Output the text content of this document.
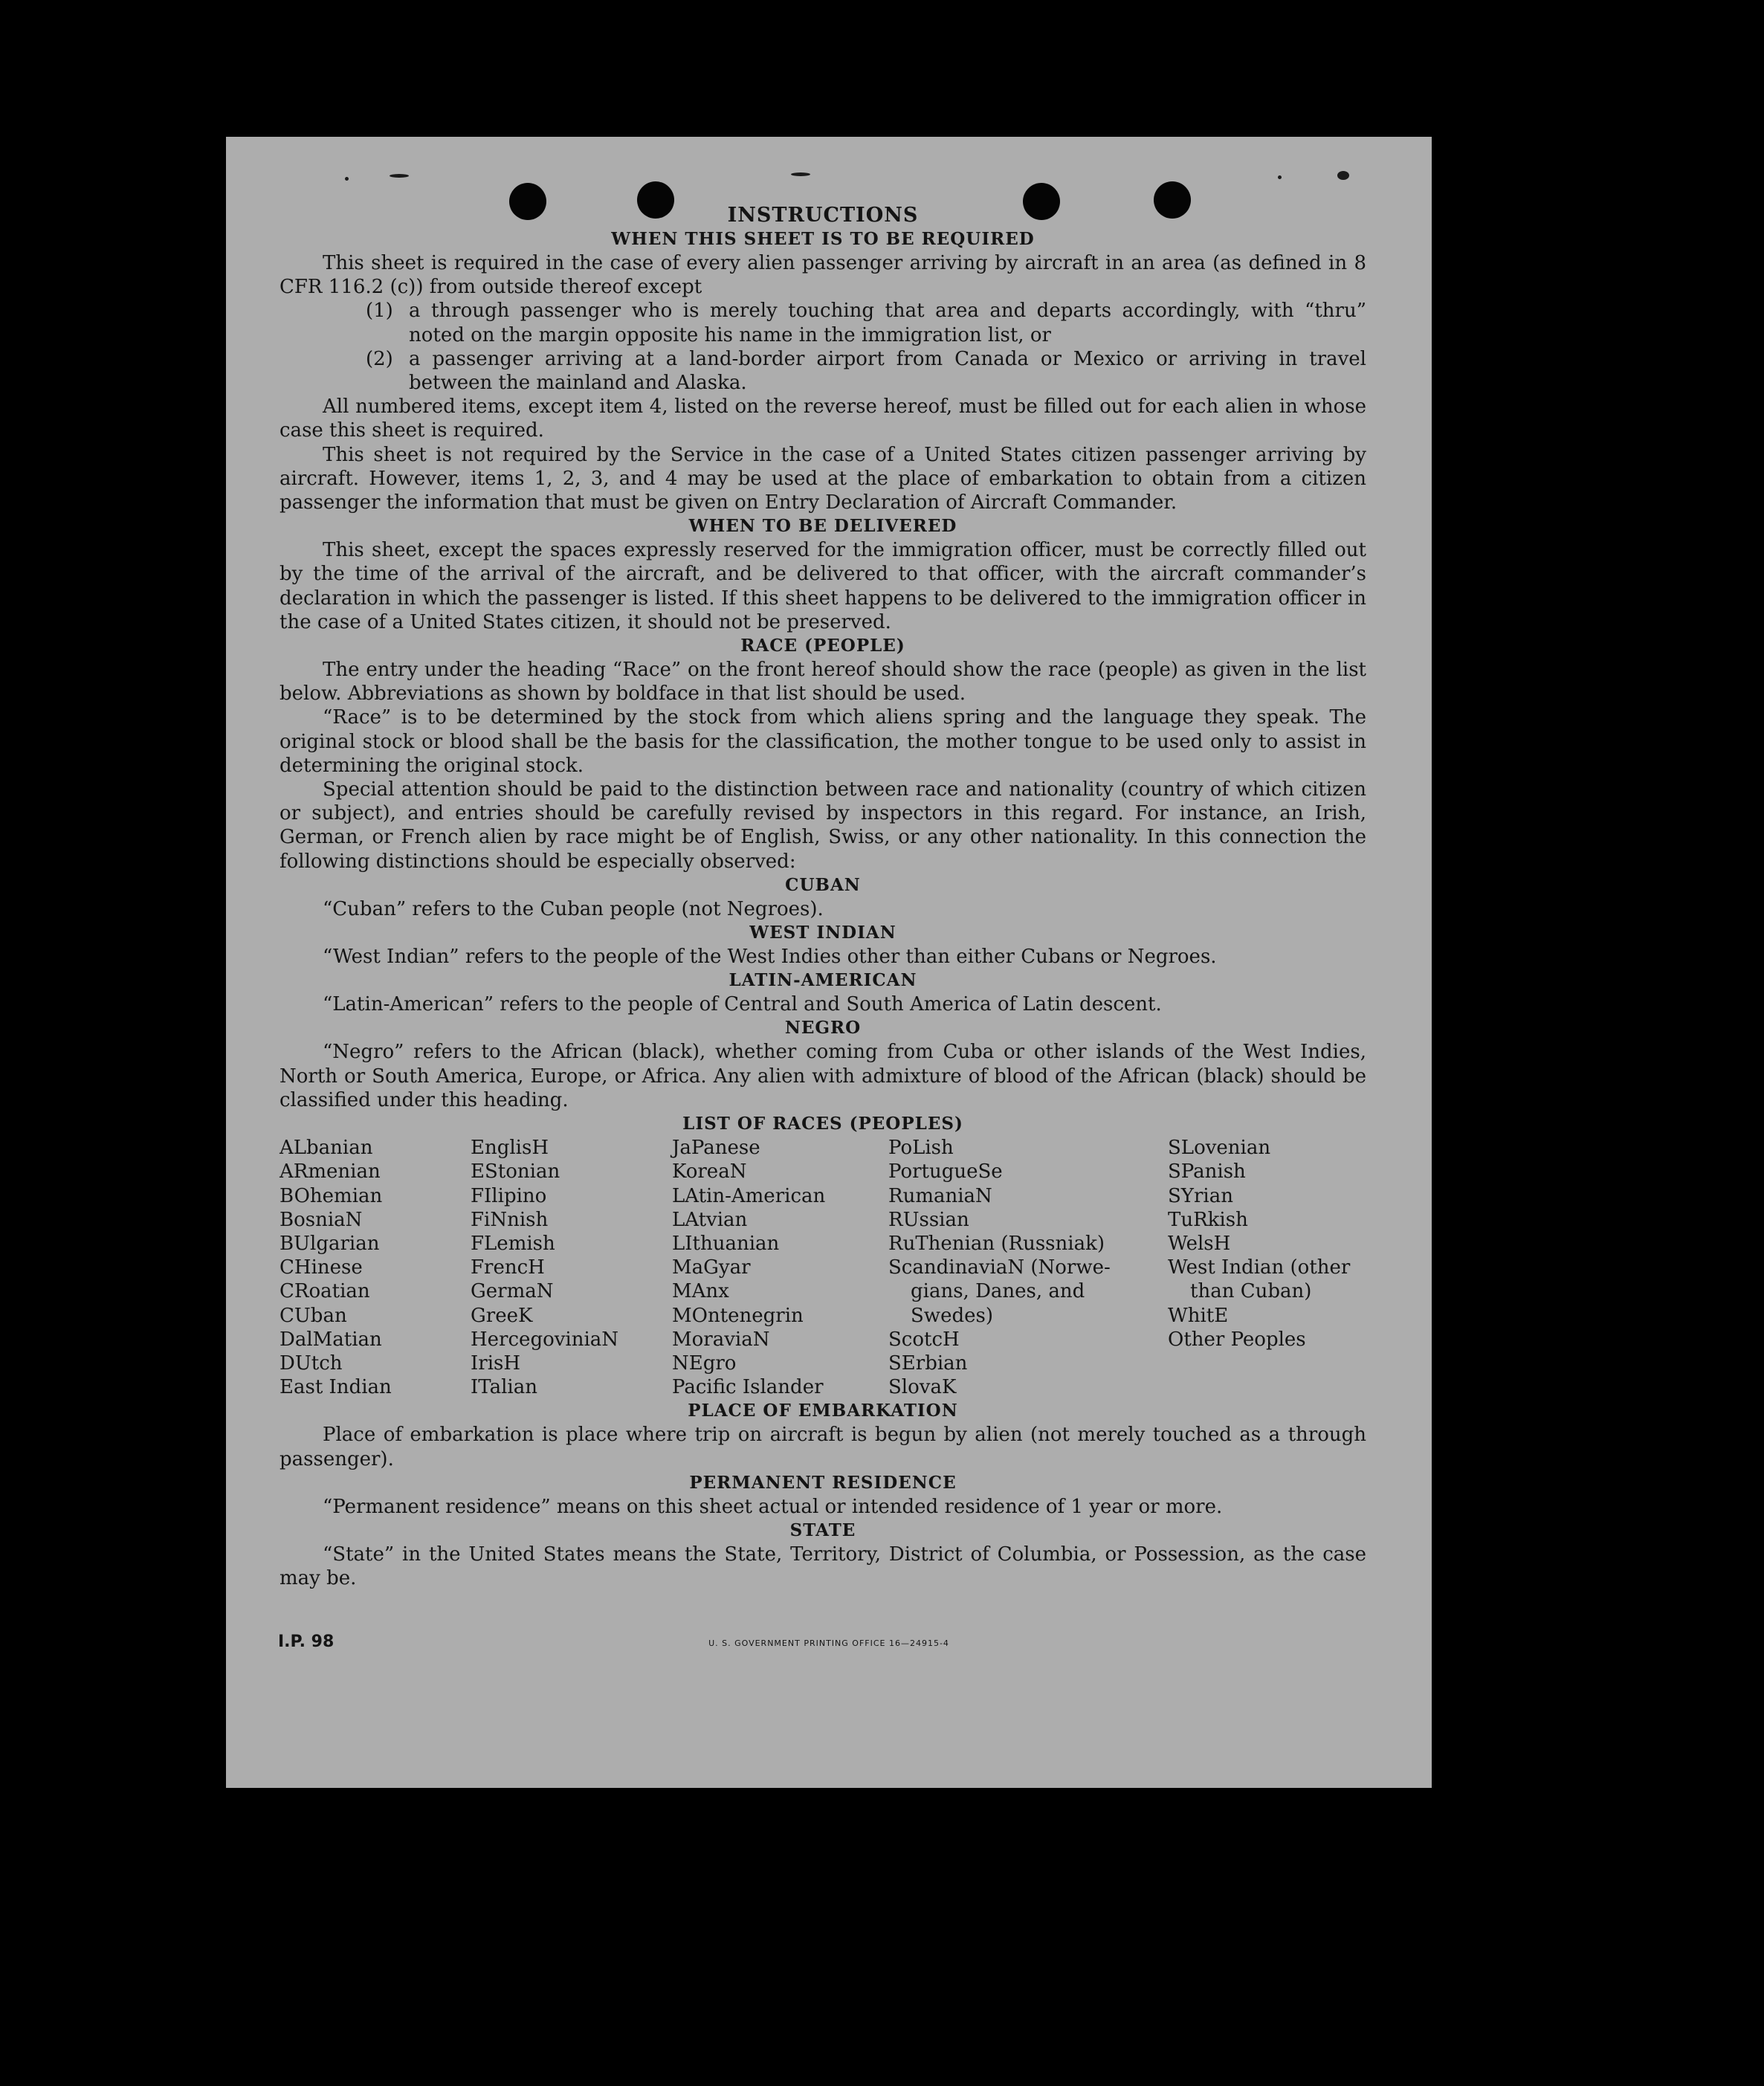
INSTRUCTIONS
WHEN THIS SHEET IS TO BE REQUIRED

This sheet is required in the case of every alien passenger arriving by aircraft in an area (as defined in 8 CFR 116.2 (c)) from outside thereof except

(1) a through passenger who is merely touching that area and departs accordingly, with “thru” noted on the margin opposite his name in the immigration list, or
(2) a passenger arriving at a land-border airport from Canada or Mexico or arriving in travel between the mainland and Alaska.

All numbered items, except item 4, listed on the reverse hereof, must be filled out for each alien in whose case this sheet is required.

This sheet is not required by the Service in the case of a United States citizen passenger arriving by aircraft. However, items 1, 2, 3, and 4 may be used at the place of embarkation to obtain from a citizen passenger the information that must be given on Entry Declaration of Aircraft Commander.

WHEN TO BE DELIVERED

This sheet, except the spaces expressly reserved for the immigration officer, must be correctly filled out by the time of the arrival of the aircraft, and be delivered to that officer, with the aircraft commander’s declaration in which the passenger is listed. If this sheet happens to be delivered to the immigration officer in the case of a United States citizen, it should not be preserved.

RACE (PEOPLE)

The entry under the heading “Race” on the front hereof should show the race (people) as given in the list below. Abbreviations as shown by boldface in that list should be used.

“Race” is to be determined by the stock from which aliens spring and the language they speak. The original stock or blood shall be the basis for the classification, the mother tongue to be used only to assist in determining the original stock.

Special attention should be paid to the distinction between race and nationality (country of which citizen or subject), and entries should be carefully revised by inspectors in this regard. For instance, an Irish, German, or French alien by race might be of English, Swiss, or any other nationality. In this connection the following distinctions should be especially observed:

CUBAN

“Cuban” refers to the Cuban people (not Negroes).

WEST INDIAN

“West Indian” refers to the people of the West Indies other than either Cubans or Negroes.

LATIN-AMERICAN

“Latin-American” refers to the people of Central and South America of Latin descent.

NEGRO

“Negro” refers to the African (black), whether coming from Cuba or other islands of the West Indies, North or South America, Europe, or Africa. Any alien with admixture of blood of the African (black) should be classified under this heading.

LIST OF RACES (PEOPLES)
ALbanian
ARmenian
BOhemian
BosniaN
BUlgarian
CHinese
CRoatian
CUban
DalMatian
DUtch
East Indian
EnglisH
EStonian
FIlipino
FiNnish
FLemish
FrencH
GermaN
GreeK
HercegoviniaN
IrisH
ITalian
JaPanese
KoreaN
LAtin-American
LAtvian
LIthuanian
MaGyar
MAnx
MOntenegrin
MoraviaN
NEgro
Pacific Islander
PoLish
PortugueSe
RumaniaN
RUssian
RuThenian (Russniak)
ScandinaviaN (Norwe-
gians, Danes, and
Swedes)
ScotcH
SErbian
SlovaK
SLovenian
SPanish
SYrian
TuRkish
WelsH
West Indian (other
than Cuban)
WhitE
Other Peoples
PLACE OF EMBARKATION

Place of embarkation is place where trip on aircraft is begun by alien (not merely touched as a through passenger).

PERMANENT RESIDENCE

“Permanent residence” means on this sheet actual or intended residence of 1 year or more.

STATE

“State” in the United States means the State, Territory, District of Columbia, or Possession, as the case may be.

I.P. 98	U. S. GOVERNMENT PRINTING OFFICE 16—24915-4
